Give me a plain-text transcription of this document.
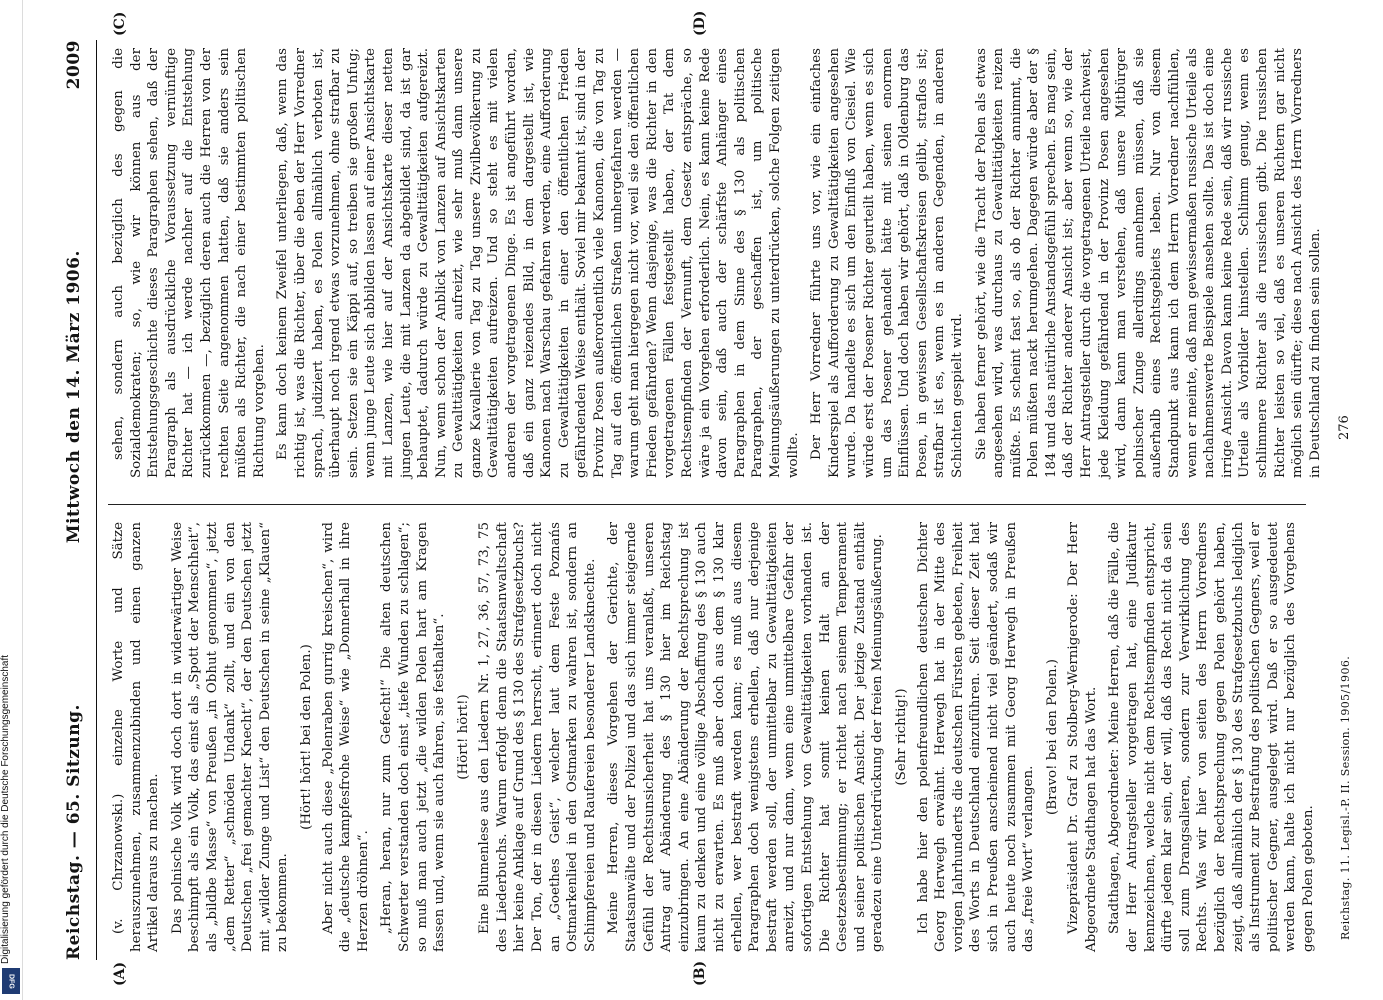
Digitalisierung gefördert durch die Deutsche Forschungsgemeinschaft
DFG
Reichstag. — 65. Sitzung.
Mittwoch den 14. März 1906.
2009
(A)	(B)
(C)	(D)

(v. Chrzanowski.) einzelne Worte und Sätze herauszunehmen, zusammenzubinden und einen ganzen Artikel daraus zu machen. Das polnische Volk wird doch dort in widerwärtiger Weise beschimpft als ein Volk, das einst als „Spott der Menschheit“, als „bildbe Masse“ von Preußen „in Obhut genommen“, jetzt „dem Retter“ „schnöden Undank“ zollt, und ein von den Deutschen „frei gemachter Knecht“, der den Deutschen jetzt mit „wilder Zunge und List“ den Deutschen in seine „Klauen“ zu bekommen.

(Hört! hört! bei den Polen.) Aber nicht auch diese „Polenraben gurrig kreischen“, wird die „deutsche kampfesfrohe Weise“ wie „Donnerhall in ihre Herzen dröhnen“. „Heran, heran, nur zum Gefecht!“ Die alten deutschen Schwerter verstanden doch einst „tiefe Wunden zu schlagen“; so muß man auch jetzt „die wilden Polen hart am Kragen fassen und, wenn sie auch fahren, sie festhalten“. (Hört! hört!) Eine Blumenlese aus den Liedern Nr. 1, 27, 36, 57, 73, 75 des Liederbuchs. Warum erfolgt denn die Staatsanwaltschaft hier keine Anklage auf Grund des § 130 des Strafgesetzbuchs? Der Ton, der in diesen Liedern herrscht, erinnert doch nicht an „Goethes Geist“, welcher laut dem Feste Poznańs Ostmarkenlied in den Ostmarken zu wahren ist, sondern an Schimpfereien und Raufereien besonderer Landsknechte. Meine Herren, dieses Vorgehen der Gerichte, der Staatsanwälte und der Polizei und das sich immer steigernde Gefühl der Rechtsunsicherheit hat uns veranlaßt, unseren Antrag auf Abänderung des § 130 hier im Reichstag einzubringen. An eine Abänderung der Rechtsprechung ist kaum zu denken und eine völlige Abschaffung des § 130 auch nicht zu erwarten. Es muß aber doch aus dem § 130 klar erhellen, wer bestraft werden kann; es muß aus diesem Paragraphen doch wenigstens erhellen, daß nur derjenige bestraft werden soll, der unmittelbar zu Gewalttätigkeiten anreizt, und nur dann, wenn eine unmittelbare Gefahr der sofortigen Entstehung von Gewalttätigkeiten vorhanden ist. Die Richter hat somit keinen Halt an der Gesetzesbestimmung; er richtet nach seinem Temperament und seiner politischen Ansicht. Der jetzige Zustand enthält geradezu eine Unterdrückung der freien Meinungsäußerung. (Sehr richtig!) Ich habe hier den polenfreundlichen deutschen Dichter Georg Herwegh erwähnt. Herwegh hat in der Mitte des vorigen Jahrhunderts die deutschen Fürsten gebeten, Freiheit des Worts in Deutschland einzuführen. Seit dieser Zeit hat sich in Preußen anscheinend nicht viel geändert, sodaß wir auch heute noch zusammen mit Georg Herwegh in Preußen das „freie Wort“ verlangen.

(Bravo! bei den Polen.) Vizepräsident Dr. Graf zu Stolberg-Wernigerode: Der Herr Abgeordnete Stadthagen hat das Wort. Stadthagen, Abgeordneter: Meine Herren, daß die Fälle, die der Herr Antragsteller vorgetragen hat, eine Judikatur kennzeichnen, welche nicht dem Rechtsempfinden entspricht, dürfte jedem klar sein, der will, daß das Recht nicht da sein soll zum Drangsalieren, sondern zur Verwirklichung des Rechts. Was wir hier von seiten des Herrn Vorredners bezüglich der Rechtsprechung gegen Polen gehört haben, zeigt, daß allmählich der § 130 des Strafgesetzbuchs lediglich als Instrument zur Bestrafung des politischen Gegners, weil er politischer Gegner, ausgelegt wird. Daß er so ausgedeutet werden kann, halte ich nicht nur bezüglich des Vorgehens gegen Polen geboten.

sehen, sondern auch bezüglich des gegen die Sozialdemokraten; so, wie wir können aus der Entstehungsgeschichte dieses Paragraphen sehen, daß der Paragraph als ausdrückliche Voraussetzung vernünftige Richter hat — ich werde nachher auf die Entstehung zurückkommen —, bezüglich deren auch die Herren von der rechten Seite angenommen hatten, daß sie anders sein müßten als Richter, die nach einer bestimmten politischen Richtung vorgehen. Es kann doch keinem Zweifel unterliegen, daß, wenn das richtig ist, was die Richter, über die eben der Herr Vorredner sprach, judiziert haben, es Polen allmählich verboten ist, überhaupt noch irgend etwas vorzunehmen, ohne strafbar zu sein. Setzen sie ein Käppi auf, so treiben sie großen Unfug; wenn junge Leute sich abbilden lassen auf einer Ansichtskarte mit Lanzen, wie hier auf der Ansichtskarte dieser netten jungen Leute, die mit Lanzen da abgebildet sind, da ist gar behauptet, dadurch würde zu Gewalttätigkeiten aufgereizt. Nun, wenn schon der Anblick von Lanzen auf Ansichtskarten zu Gewalttätigkeiten aufreizt, wie sehr muß dann unsere ganze Kavallerie von Tag zu Tag unsere Zivilbevölkerung zu Gewalttätigkeiten aufreizen. Und so steht es mit vielen anderen der vorgetragenen Dinge. Es ist angeführt worden, daß ein ganz reizendes Bild, in dem dargestellt ist, wie Kanonen nach Warschau gefahren werden, eine Aufforderung zu Gewalttätigkeiten in einer den öffentlichen Frieden gefährdenden Weise enthält. Soviel mir bekannt ist, sind in der Provinz Posen außerordentlich viele Kanonen, die von Tag zu Tag auf den öffentlichen Straßen umhergefahren werden — warum geht man hiergegen nicht vor, weil sie den öffentlichen Frieden gefährden? Wenn dasjenige, was die Richter in den vorgetragenen Fällen festgestellt haben, der Tat dem Rechtsempfinden der Vernunft, dem Gesetz entspräche, so wäre ja ein Vorgehen erforderlich. Nein, es kann keine Rede davon sein, daß auch der schärfste Anhänger eines Paragraphen in dem Sinne des § 130 als politischen Paragraphen, der geschaffen ist, um politische Meinungsäußerungen zu unterdrücken, solche Folgen zeitigen wollte. Der Herr Vorredner führte uns vor, wie ein einfaches Kinderspiel als Aufforderung zu Gewalttätigkeiten angesehen wurde. Da handelte es sich um den Einfluß von Ciesiel. Wie würde erst der Posener Richter geurteilt haben, wenn es sich um das Posener gehandelt hätte mit seinen enormen Einflüssen. Und doch haben wir gehört, daß in Oldenburg das Posen, in gewissen Gesellschaftskreisen gelibt, straflos ist; strafbar ist es, wenn es in anderen Gegenden, in anderen Schichten gespielt wird. Sie haben ferner gehört, wie die Tracht der Polen als etwas angesehen wird, was durchaus zu Gewalttätigkeiten reizen müßte. Es scheint fast so, als ob der Richter annimmt, die Polen müßten nackt herumgehen. Dagegen würde aber der § 184 und das natürliche Anstandsgefühl sprechen. Es mag sein, daß der Richter anderer Ansicht ist; aber wenn so, wie der Herr Antragsteller durch die vorgetragenen Urteile nachweist, jede Kleidung gefährdend in der Provinz Posen angesehen wird, dann kann man verstehen, daß unsere Mitbürger polnischer Zunge allerdings annehmen müssen, daß sie außerhalb eines Rechtsgebiets leben. Nur von diesem Standpunkt aus kann ich dem Herrn Vorredner nachfühlen, wenn er meinte, daß man gewissermaßen russische Urteile als nachahmenswerte Beispiele ansehen sollte. Das ist doch eine irrige Ansicht. Davon kann keine Rede sein, daß wir russische Urteile als Vorbilder hinstellen. Schlimm genug, wenn es schlimmere Richter als die russischen gibt. Die russischen Richter leisten so viel, daß es unseren Richtern gar nicht möglich sein dürfte; diese nach Ansicht des Herrn Vorredners in Deutschland zu finden sein sollen.

Reichstag. 11. Legisl.-P. II. Session. 1905/1906.
276
